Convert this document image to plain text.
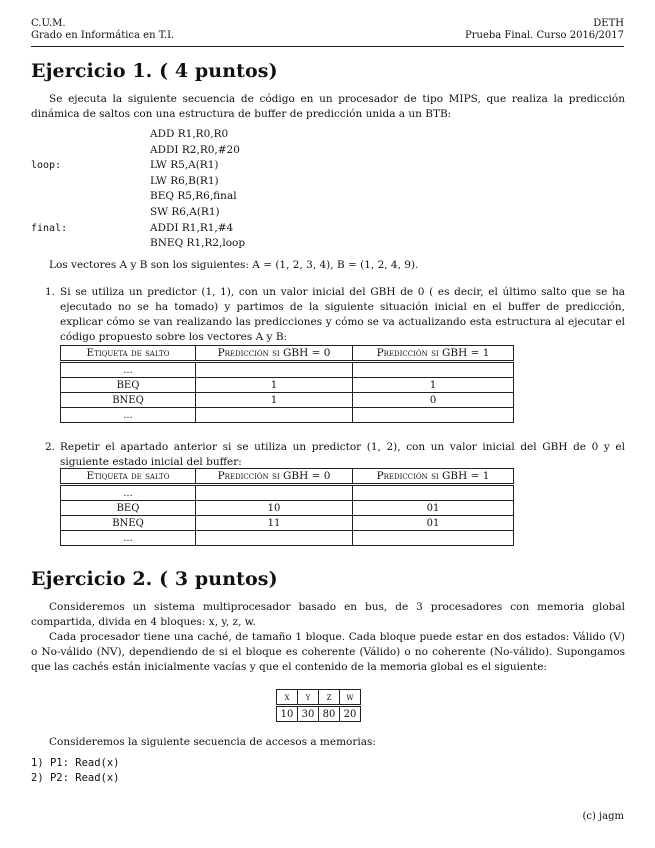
C.U.M.
Grado en Informática en T.I.
DETH
Prueba Final. Curso 2016/2017
Ejercicio 1. ( 4 puntos)

Se ejecuta la siguiente secuencia de código en un procesador de tipo MIPS, que realiza la predicción dinámica de saltos con una estructura de buffer de predicción unida a un BTB:

ADD R1,R0,R0
ADDI R2,R0,#20
loop:	LW R5,A(R1)
LW R6,B(R1)
BEQ R5,R6,final
SW R6,A(R1)
final:	ADDI R1,R1,#4
BNEQ R1,R2,loop

Los vectores A y B son los siguientes: A = (1, 2, 3, 4), B = (1, 2, 4, 9).

1. Si se utiliza un predictor (1, 1), con un valor inicial del GBH de 0 ( es decir, el último salto que se ha ejecutado no se ha tomado) y partimos de la siguiente situación inicial en el buffer de predicción, explicar cómo se van realizando las predicciones y cómo se va actualizando esta estructura al ejecutar el código propuesto sobre los vectores A y B:
Etiqueta de salto	Predicción si GBH = 0	Predicción si GBH = 1
...		
BEQ	1	1
BNEQ	1	0
...		
2. Repetir el apartado anterior si se utiliza un predictor (1, 2), con un valor inicial del GBH de 0 y el siguiente estado inicial del buffer:
Etiqueta de salto	Predicción si GBH = 0	Predicción si GBH = 1
...		
BEQ	10	01
BNEQ	11	01
...		
Ejercicio 2. ( 3 puntos)

Consideremos un sistema multiprocesador basado en bus, de 3 procesadores con memoria global compartida, divida en 4 bloques: x, y, z, w.

Cada procesador tiene una caché, de tamaño 1 bloque. Cada bloque puede estar en dos estados: Válido (V) o No-válido (NV), dependiendo de si el bloque es coherente (Válido) o no coherente (No-válido). Supongamos que las cachés están inicialmente vacías y que el contenido de la memoria global es el siguiente:

x	y	z	w
10	30	80	20

Consideremos la siguiente secuencia de accesos a memorias:

1) P1: Read(x)
2) P2: Read(x)
(c) jagm
